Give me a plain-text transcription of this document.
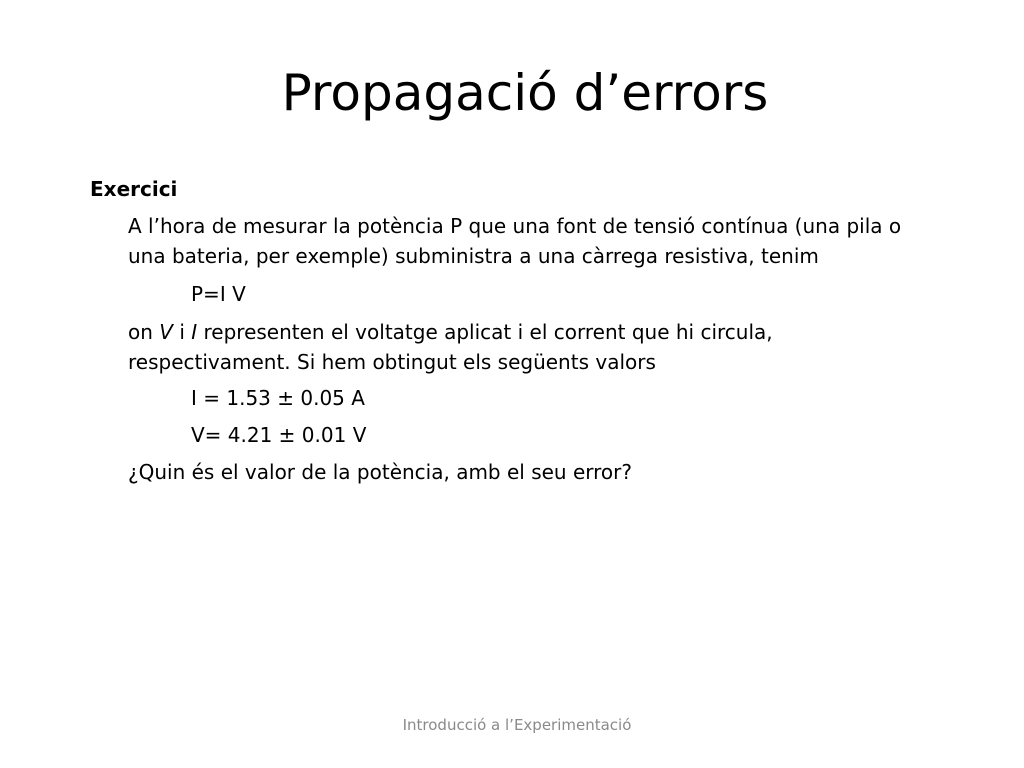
Propagació d’errors
Exercici
A l’hora de mesurar la potència P que una font de tensió contínua (una pila o
una bateria, per exemple) subministra a una càrrega resistiva, tenim
P=I V
on V i I representen el voltatge aplicat i el corrent que hi circula,
respectivament. Si hem obtingut els següents valors
I = 1.53 ± 0.05 A
V= 4.21 ± 0.01 V
¿Quin és el valor de la potència, amb el seu error?
Introducció a l’Experimentació
